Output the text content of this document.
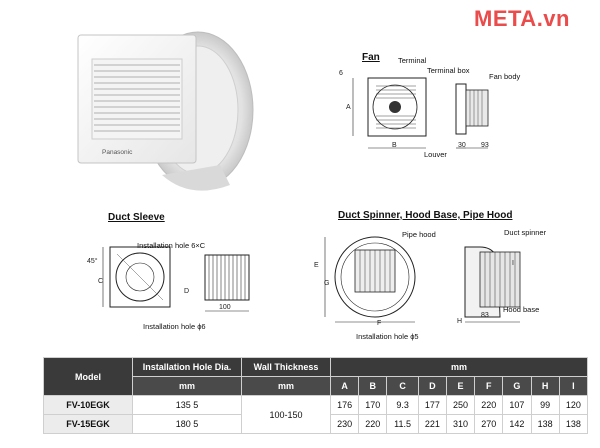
META.vn
Panasonic
Fan
A
B	30 93
6
Terminal
Terminal box
Fan body
Louver
Duct Sleeve
Installation hole 6×C
Installation hole ϕ6
45°
C
D
100
Duct Spinner, Hood Base, Pipe Hood
Pipe hood	Duct spinner
Hood base
Installation hole ϕ5
E
G
F	H
I
83
Model	Installation Hole Dia.	Wall Thickness	mm								
	mm	mm	A	B	C	D	E	F	G	H	I
FV-10EGK	135 5	100-150	176	170	9.3	177	250	220	107	99	120
FV-15EGK	180 5		230	220	11.5	221	310	270	142	138	138
